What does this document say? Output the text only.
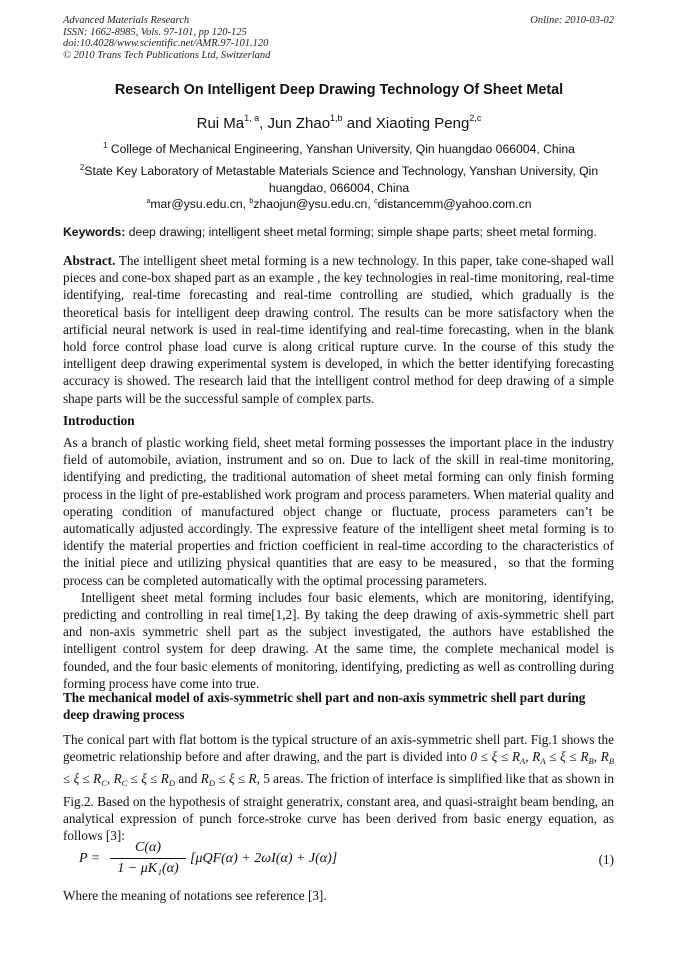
Advanced Materials Research
ISSN: 1662-8985, Vols. 97-101, pp 120-125
doi:10.4028/www.scientific.net/AMR.97-101.120
© 2010 Trans Tech Publications Ltd, Switzerland
Online: 2010-03-02
Research On Intelligent Deep Drawing Technology Of Sheet Metal
Rui Ma$^{1, a}$, Jun Zhao$^{1,b}$ and Xiaoting Peng$^{2,c}$
$^1$ College of Mechanical Engineering, Yanshan University, Qin huangdao 066004, China
$^2$State Key Laboratory of Metastable Materials Science and Technology, Yanshan University, Qin huangdao, 066004, China
$^a$mar@ysu.edu.cn, $^b$zhaojun@ysu.edu.cn, $^c$distancemm@yahoo.com.cn
Keywords: deep drawing; intelligent sheet metal forming; simple shape parts; sheet metal forming.

Abstract. The intelligent sheet metal forming is a new technology. In this paper, take cone-shaped wall pieces and cone-box shaped part as an example , the key technologies in real-time monitoring, real-time identifying, real-time forecasting and real-time controlling are studied, which gradually is the theoretical basis for intelligent deep drawing control. The results can be more satisfactory when the artificial neural network is used in real-time identifying and real-time forecasting, when in the blank hold force control phase load curve is along critical rupture curve. In the course of this study the intelligent deep drawing experimental system is developed, in which the better identifying forecasting accuracy is showed. The research laid that the intelligent control method for deep drawing of a simple shape parts will be the successful sample of complex parts.

Introduction

As a branch of plastic working field, sheet metal forming possesses the important place in the industry field of automobile, aviation, instrument and so on. Due to lack of the skill in real-time monitoring, identifying and predicting, the traditional automation of sheet metal forming can only finish forming process in the light of pre-established work program and process parameters. When material quality and operating condition of manufactured object change or fluctuate, process parameters can’t be automatically adjusted accordingly. The expressive feature of the intelligent sheet metal forming is to identify the material properties and friction coefficient in real-time according to the characteristics of the initial piece and utilizing physical quantities that are easy to be measured，so that the forming process can be completed automatically with the optimal processing parameters.

Intelligent sheet metal forming includes four basic elements, which are monitoring, identifying, predicting and controlling in real time[1,2]. By taking the deep drawing of axis-symmetric shell part and non-axis symmetric shell part as the subject investigated, the authors have established the intelligent control system for deep drawing. At the same time, the complete mechanical model is founded, and the four basic elements of monitoring, identifying, predicting as well as controlling during forming process have come into true.

The mechanical model of axis-symmetric shell part and non-axis symmetric shell part during deep drawing process

The conical part with flat bottom is the typical structure of an axis-symmetric shell part. Fig.1 shows the geometric relationship before and after drawing, and the part is divided into $0 \le \xi \le R_A$, $R_A \le \xi \le R_B$, $R_B \le \xi \le R_C$, $R_C \le \xi \le R_D$ and $R_D \le \xi \le R$, 5 areas. The friction of interface is simplified like that as shown in Fig.2. Based on the hypothesis of straight generatrix, constant area, and quasi-straight beam bending, an analytical expression of punch force-stroke curve has been derived from basic energy equation, as follows [3]:

P =
C(α)
1 − μK₁(α)
[μQF(α) + 2ωI(α) + J(α)]	(1)
Where the meaning of notations see reference [3].
